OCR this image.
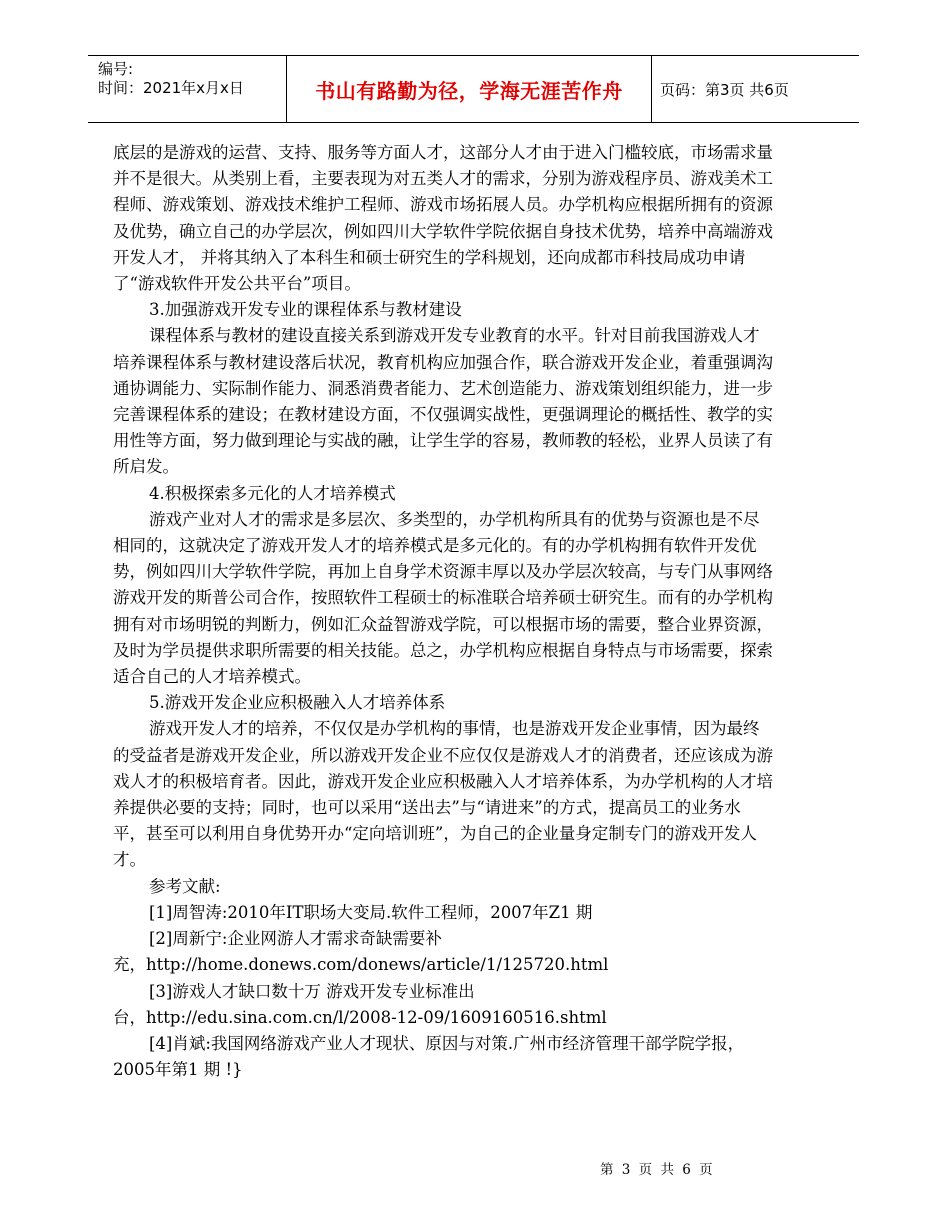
编号:
时间：2021年x月x日	书山有路勤为径，学海无涯苦作舟 页码：第3页 共6页

底层的是游戏的运营、支持、服务等方面人才，这部分人才由于进入门槛较底，市场需求量并不是很大。从类别上看，主要表现为对五类人才的需求，分别为游戏程序员、游戏美术工程师、游戏策划、游戏技术维护工程师、游戏市场拓展人员。办学机构应根据所拥有的资源及优势，确立自己的办学层次，例如四川大学软件学院依据自身技术优势，培养中高端游戏开发人才， 并将其纳入了本科生和硕士研究生的学科规划，还向成都市科技局成功申请了“游戏软件开发公共平台”项目。

3.加强游戏开发专业的课程体系与教材建设

课程体系与教材的建设直接关系到游戏开发专业教育的水平。针对目前我国游戏人才培养课程体系与教材建设落后状况，教育机构应加强合作，联合游戏开发企业，着重强调沟通协调能力、实际制作能力、洞悉消费者能力、艺术创造能力、游戏策划组织能力，进一步完善课程体系的建设；在教材建设方面，不仅强调实战性，更强调理论的概括性、教学的实用性等方面，努力做到理论与实战的融，让学生学的容易，教师教的轻松，业界人员读了有所启发。

4.积极探索多元化的人才培养模式

游戏产业对人才的需求是多层次、多类型的，办学机构所具有的优势与资源也是不尽相同的，这就决定了游戏开发人才的培养模式是多元化的。有的办学机构拥有软件开发优势，例如四川大学软件学院，再加上自身学术资源丰厚以及办学层次较高，与专门从事网络游戏开发的斯普公司合作，按照软件工程硕士的标准联合培养硕士研究生。而有的办学机构拥有对市场明锐的判断力，例如汇众益智游戏学院，可以根据市场的需要，整合业界资源，及时为学员提供求职所需要的相关技能。总之，办学机构应根据自身特点与市场需要，探索适合自己的人才培养模式。

5.游戏开发企业应积极融入人才培养体系

游戏开发人才的培养，不仅仅是办学机构的事情，也是游戏开发企业事情，因为最终的受益者是游戏开发企业，所以游戏开发企业不应仅仅是游戏人才的消费者，还应该成为游戏人才的积极培育者。因此，游戏开发企业应积极融入人才培养体系，为办学机构的人才培养提供必要的支持；同时，也可以采用“送出去”与“请进来”的方式，提高员工的业务水平，甚至可以利用自身优势开办“定向培训班”，为自己的企业量身定制专门的游戏开发人才。

参考文献:

[1]周智涛:2010年IT职场大变局.软件工程师，2007年Z1 期

[2]周新宁:企业网游人才需求奇缺需要补

充，http://home.donews.com/donews/article/1/125720.html

[3]游戏人才缺口数十万 游戏开发专业标准出

台，http://edu.sina.com.cn/l/2008-12-09/1609160516.shtml

[4]肖斌:我国网络游戏产业人才现状、原因与对策.广州市经济管理干部学院学报，2005年第1 期 !}

第 3 页 共 6 页
